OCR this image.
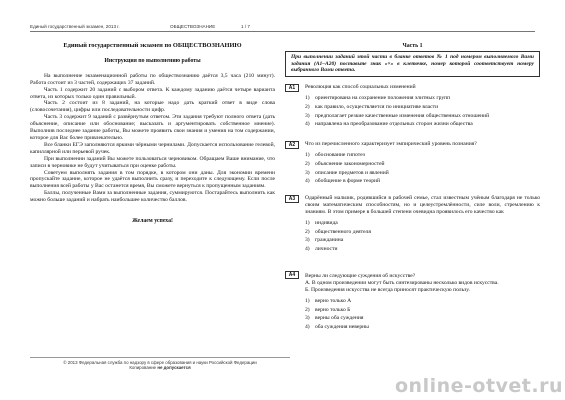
Единый государственный экзамен, 2013 г.	ОБЩЕСТВОЗНАНИЕ	1 / 7
Единый государственный экзамен по ОБЩЕСТВОЗНАНИЮ
Инструкция по выполнению работы

На выполнение экзаменационной работы по обществознанию даётся 3,5 часа (210 минут). Работа состоит из 3 частей, содержащих 37 заданий.

Часть 1 содержит 20 заданий с выбором ответа. К каждому заданию даётся четыре варианта ответа, из которых только один правильный.

Часть 2 состоит из 8 заданий, на которые надо дать краткий ответ в виде слова (словосочетания), цифры или последовательности цифр.

Часть 3 содержит 9 заданий с развёрнутым ответом. Эти задания требуют полного ответа (дать объяснение, описание или обоснование; высказать и аргументировать собственное мнение). Выполнив последнее задание работы, Вы можете проявить свои знания и умения на том содержании, которое для Вас более привлекательно.

Все бланки ЕГЭ заполняются яркими чёрными чернилами. Допускается использование гелевой, капиллярной или перьевой ручек.

При выполнении заданий Вы можете пользоваться черновиком. Обращаем Ваше внимание, что записи в черновике не будут учитываться при оценке работы.

Советуем выполнять задания в том порядке, в котором они даны. Для экономии времени пропускайте задание, которое не удаётся выполнить сразу, и переходите к следующему. Если после выполнения всей работы у Вас останется время, Вы сможете вернуться к пропущенным заданиям.

Баллы, полученные Вами за выполненные задания, суммируются. Постарайтесь выполнить как можно больше заданий и набрать наибольшее количество баллов.

Желаем успеха!
Часть 1
При выполнении заданий этой части в бланке ответов № 1 под номером выполняемого Вами задания (А1–А20) поставьте знак «×» в клеточке, номер которой соответствует номеру выбранного Вами ответа.
A1	Революция как способ социальных изменений
1) ориентирована на сохранение положения элитных групп
2) как правило, осуществляется по инициативе власти
3) предполагает резкие качественные изменения общественных отношений
4) направлена на преобразование отдельных сторон жизни общества
A2	Что из перечисленного характеризует эмпирический уровень познания?
1) обоснование гипотез
2) объяснение закономерностей
3) описание предметов и явлений
4) обобщение в форме теорий
A3	Одарённый мальчик, родившийся в рабочей семье, стал известным учёным благодаря не только своим математическим способностям, но и целеустремлённости, силе воли, стремлению к знаниям. В этом примере в большей степени очевидна проявилось его качество как
1) индивида
2) общественного деятеля
3) гражданина
4) личности
A4	Верны ли следующие суждения об искусстве?
А. В одном произведении могут быть синтезированы несколько видов искусства.
Б. Произведения искусства не всегда приносят практическую пользу.
1) верно только А
2) верно только Б
3) верны оба суждения
4) оба суждения неверны
© 2013 Федеральная служба по надзору в сфере образования и науки Российской Федерации
Копирование не допускается
online-otvet.ru
